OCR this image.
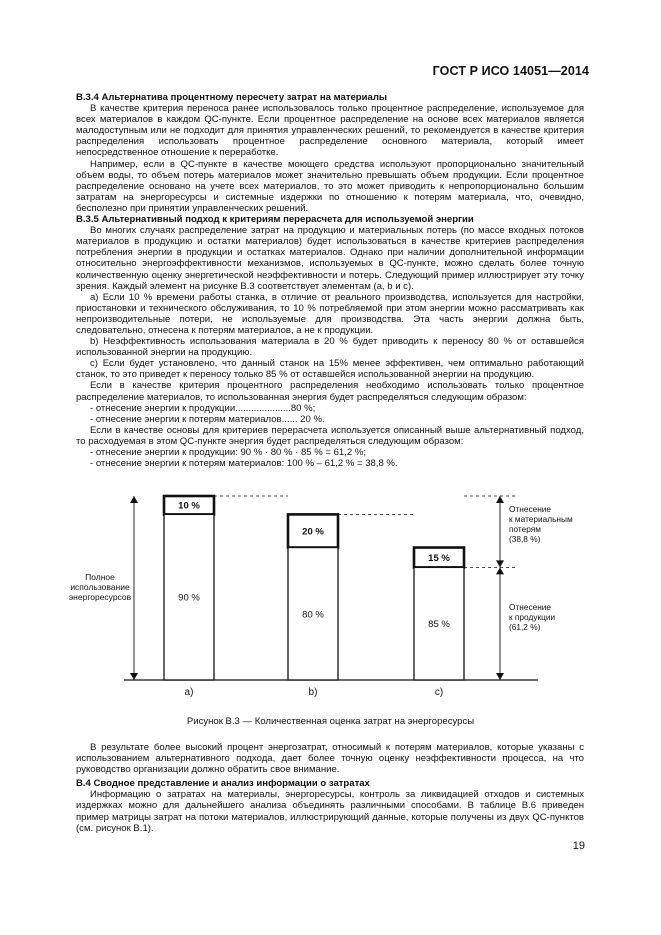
ГОСТ Р ИСО 14051—2014

В.3.4 Альтернатива процентному пересчету затрат на материалы

В качестве критерия переноса ранее использовалось только процентное распределение, используемое для всех материалов в каждом QC-пункте. Если процентное распределение на основе всех материалов является малодоступным или не подходит для принятия управленческих решений, то рекомендуется в качестве критерия распределения использовать процентное распределение основного материала, который имеет непосредственное отношение к переработке.

Например, если в QC-пункте в качестве моющего средства используют пропорционально значительный объем воды, то объем потерь материалов может значительно превышать объем продукции. Если процентное распределение основано на учете всех материалов, то это может приводить к непропорционально большим затратам на энергоресурсы и системные издержки по отношению к потерям материала, что, очевидно, бесполезно при принятии управленческих решений.

В.3.5 Альтернативный подход к критериям перерасчета для используемой энергии

Во многих случаях распределение затрат на продукцию и материальных потерь (по массе входных потоков материалов в продукцию и остатки материалов) будет использоваться в качестве критериев распределения потребления энергии в продукции и остатках материалов. Однако при наличии дополнительной информации относительно энергоэффективности механизмов, используемых в QC-пункте, можно сделать более точную количественную оценку энергетической неэффективности и потерь. Следующий пример иллюстрирует эту точку зрения. Каждый элемент на рисунке В.3 соответствует элементам (а, b и с).

a) Если 10 % времени работы станка, в отличие от реального производства, используется для настройки, приостановки и технического обслуживания, то 10 % потребляемой при этом энергии можно рассматривать как непроизводительные потери, не используемые для производства. Эта часть энергии должна быть, следовательно, отнесена к потерям материалов, а не к продукции.

b) Неэффективность использования материала в 20 % будет приводить к переносу 80 % от оставшейся использованной энергии на продукцию.

c) Если будет установлено, что данный станок на 15% менее эффективен, чем оптимально работающий станок, то это приведет к переносу только 85 % от оставшейся использованной энергии на продукцию.

Если в качестве критерия процентного распределения необходимо использовать только процентное распределение материалов, то использованная энергия будет распределяться следующим образом:

- отнесение энергии к продукции.....................80 %;

- отнесение энергии к потерям материалов...... 20 %.

Если в качестве основы для критериев перерасчета используется описанный выше альтернативный подход, то расходуемая в этом QC-пункте энергия будет распределяться следующим образом:

- отнесение энергии к продукции: 90 % · 80 % · 85 % = 61,2 %;

- отнесение энергии к потерям материалов: 100 % – 61,2 % = 38,8 %.

Полное
использование
энергоресурсов
10 %
90 %
a)
20 %
80 %
b)
15 %
85 %
c)
Отнесение
к материальным
потерям
(38,8 %)
Отнесение
к продукции
(61,2 %)
Рисунок В.3 — Количественная оценка затрат на энергоресурсы

В результате более высокий процент энергозатрат, относимый к потерям материалов, которые указаны с использованием альтернативного подхода, дает более точную оценку неэффективности процесса, на что руководство организации должно обратить свое внимание.

В.4 Сводное представление и анализ информации о затратах

Информацию о затратах на материалы, энергоресурсы, контроль за ликвидацией отходов и системных издержках можно для дальнейшего анализа объединять различными способами. В таблице В.6 приведен пример матрицы затрат на потоки материалов, иллюстрирующий данные, которые получены из двух QC-пунктов (см. рисунок В.1).

19
